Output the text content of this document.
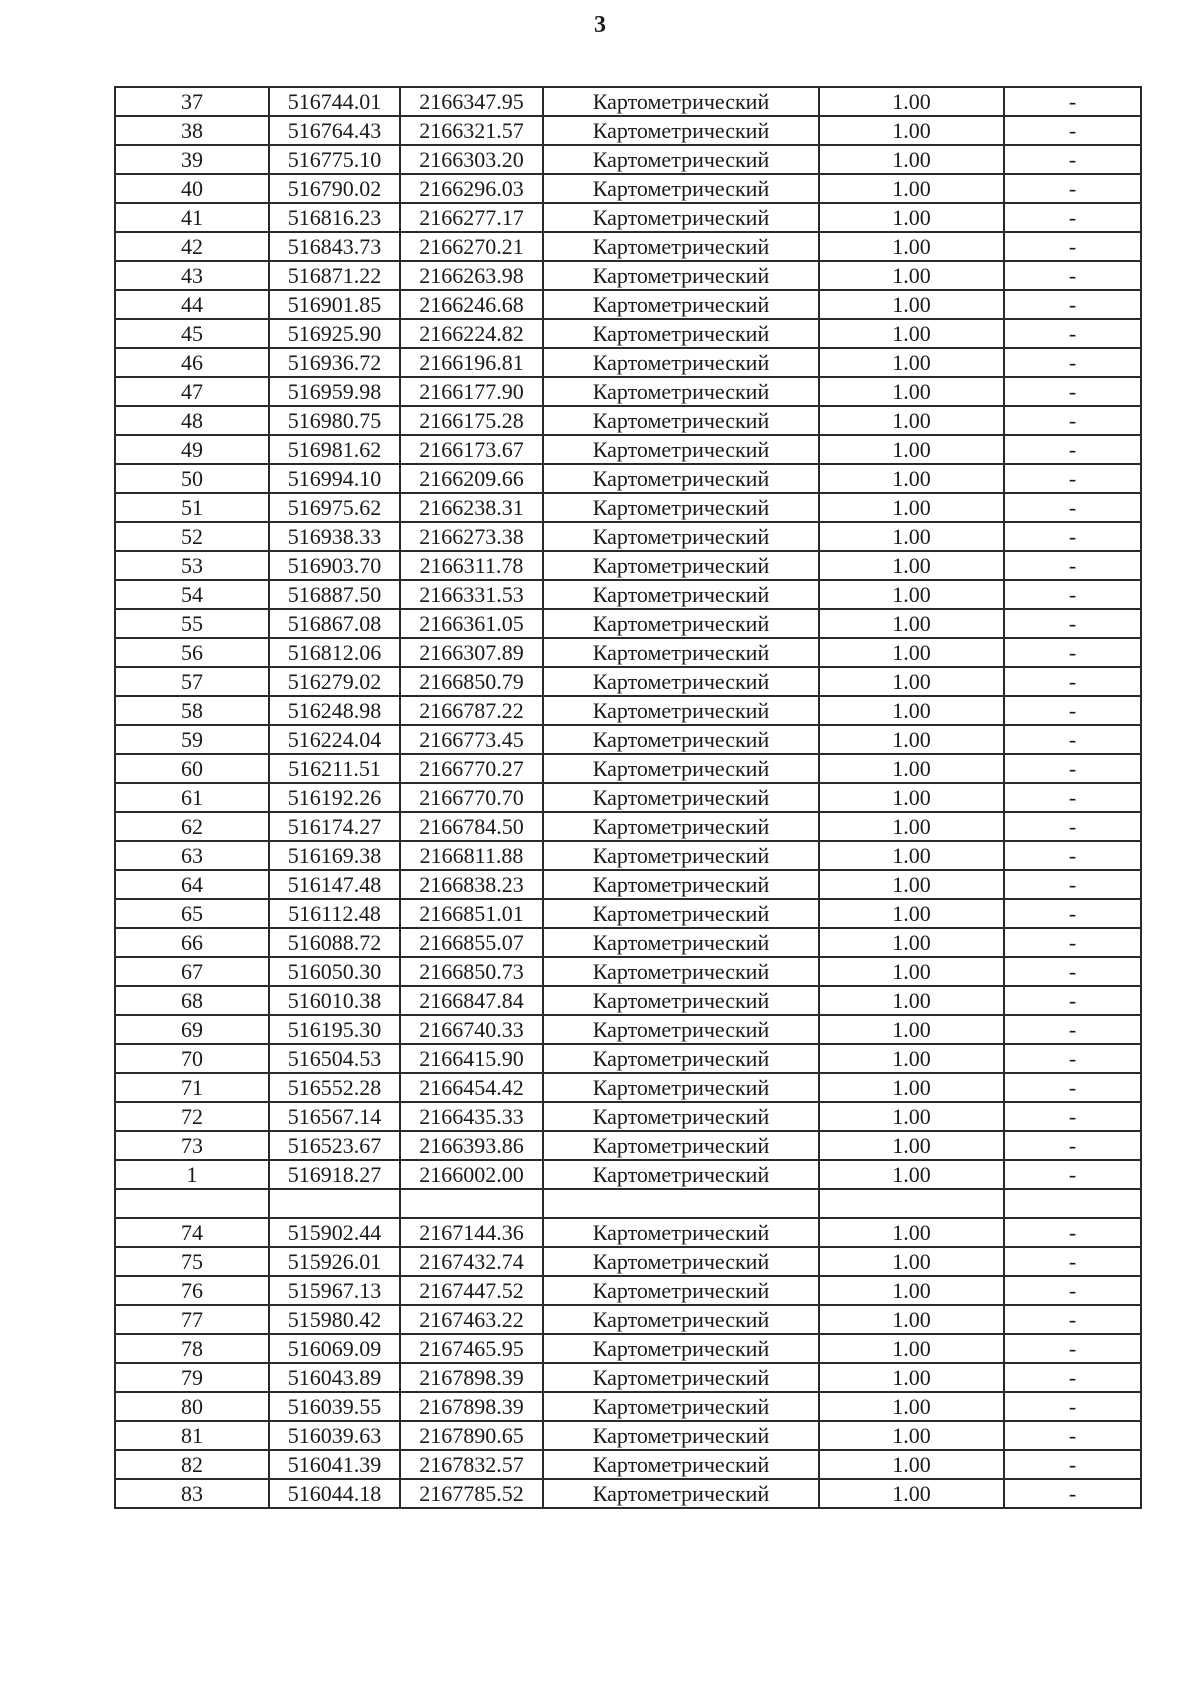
3
37	516744.01	2166347.95	Картометрический	1.00	-
38	516764.43	2166321.57	Картометрический	1.00	-
39	516775.10	2166303.20	Картометрический	1.00	-
40	516790.02	2166296.03	Картометрический	1.00	-
41	516816.23	2166277.17	Картометрический	1.00	-
42	516843.73	2166270.21	Картометрический	1.00	-
43	516871.22	2166263.98	Картометрический	1.00	-
44	516901.85	2166246.68	Картометрический	1.00	-
45	516925.90	2166224.82	Картометрический	1.00	-
46	516936.72	2166196.81	Картометрический	1.00	-
47	516959.98	2166177.90	Картометрический	1.00	-
48	516980.75	2166175.28	Картометрический	1.00	-
49	516981.62	2166173.67	Картометрический	1.00	-
50	516994.10	2166209.66	Картометрический	1.00	-
51	516975.62	2166238.31	Картометрический	1.00	-
52	516938.33	2166273.38	Картометрический	1.00	-
53	516903.70	2166311.78	Картометрический	1.00	-
54	516887.50	2166331.53	Картометрический	1.00	-
55	516867.08	2166361.05	Картометрический	1.00	-
56	516812.06	2166307.89	Картометрический	1.00	-
57	516279.02	2166850.79	Картометрический	1.00	-
58	516248.98	2166787.22	Картометрический	1.00	-
59	516224.04	2166773.45	Картометрический	1.00	-
60	516211.51	2166770.27	Картометрический	1.00	-
61	516192.26	2166770.70	Картометрический	1.00	-
62	516174.27	2166784.50	Картометрический	1.00	-
63	516169.38	2166811.88	Картометрический	1.00	-
64	516147.48	2166838.23	Картометрический	1.00	-
65	516112.48	2166851.01	Картометрический	1.00	-
66	516088.72	2166855.07	Картометрический	1.00	-
67	516050.30	2166850.73	Картометрический	1.00	-
68	516010.38	2166847.84	Картометрический	1.00	-
69	516195.30	2166740.33	Картометрический	1.00	-
70	516504.53	2166415.90	Картометрический	1.00	-
71	516552.28	2166454.42	Картометрический	1.00	-
72	516567.14	2166435.33	Картометрический	1.00	-
73	516523.67	2166393.86	Картометрический	1.00	-
1	516918.27	2166002.00	Картометрический	1.00	-

74	515902.44	2167144.36	Картометрический	1.00	-
75	515926.01	2167432.74	Картометрический	1.00	-
76	515967.13	2167447.52	Картометрический	1.00	-
77	515980.42	2167463.22	Картометрический	1.00	-
78	516069.09	2167465.95	Картометрический	1.00	-
79	516043.89	2167898.39	Картометрический	1.00	-
80	516039.55	2167898.39	Картометрический	1.00	-
81	516039.63	2167890.65	Картометрический	1.00	-
82	516041.39	2167832.57	Картометрический	1.00	-
83	516044.18	2167785.52	Картометрический	1.00	-
